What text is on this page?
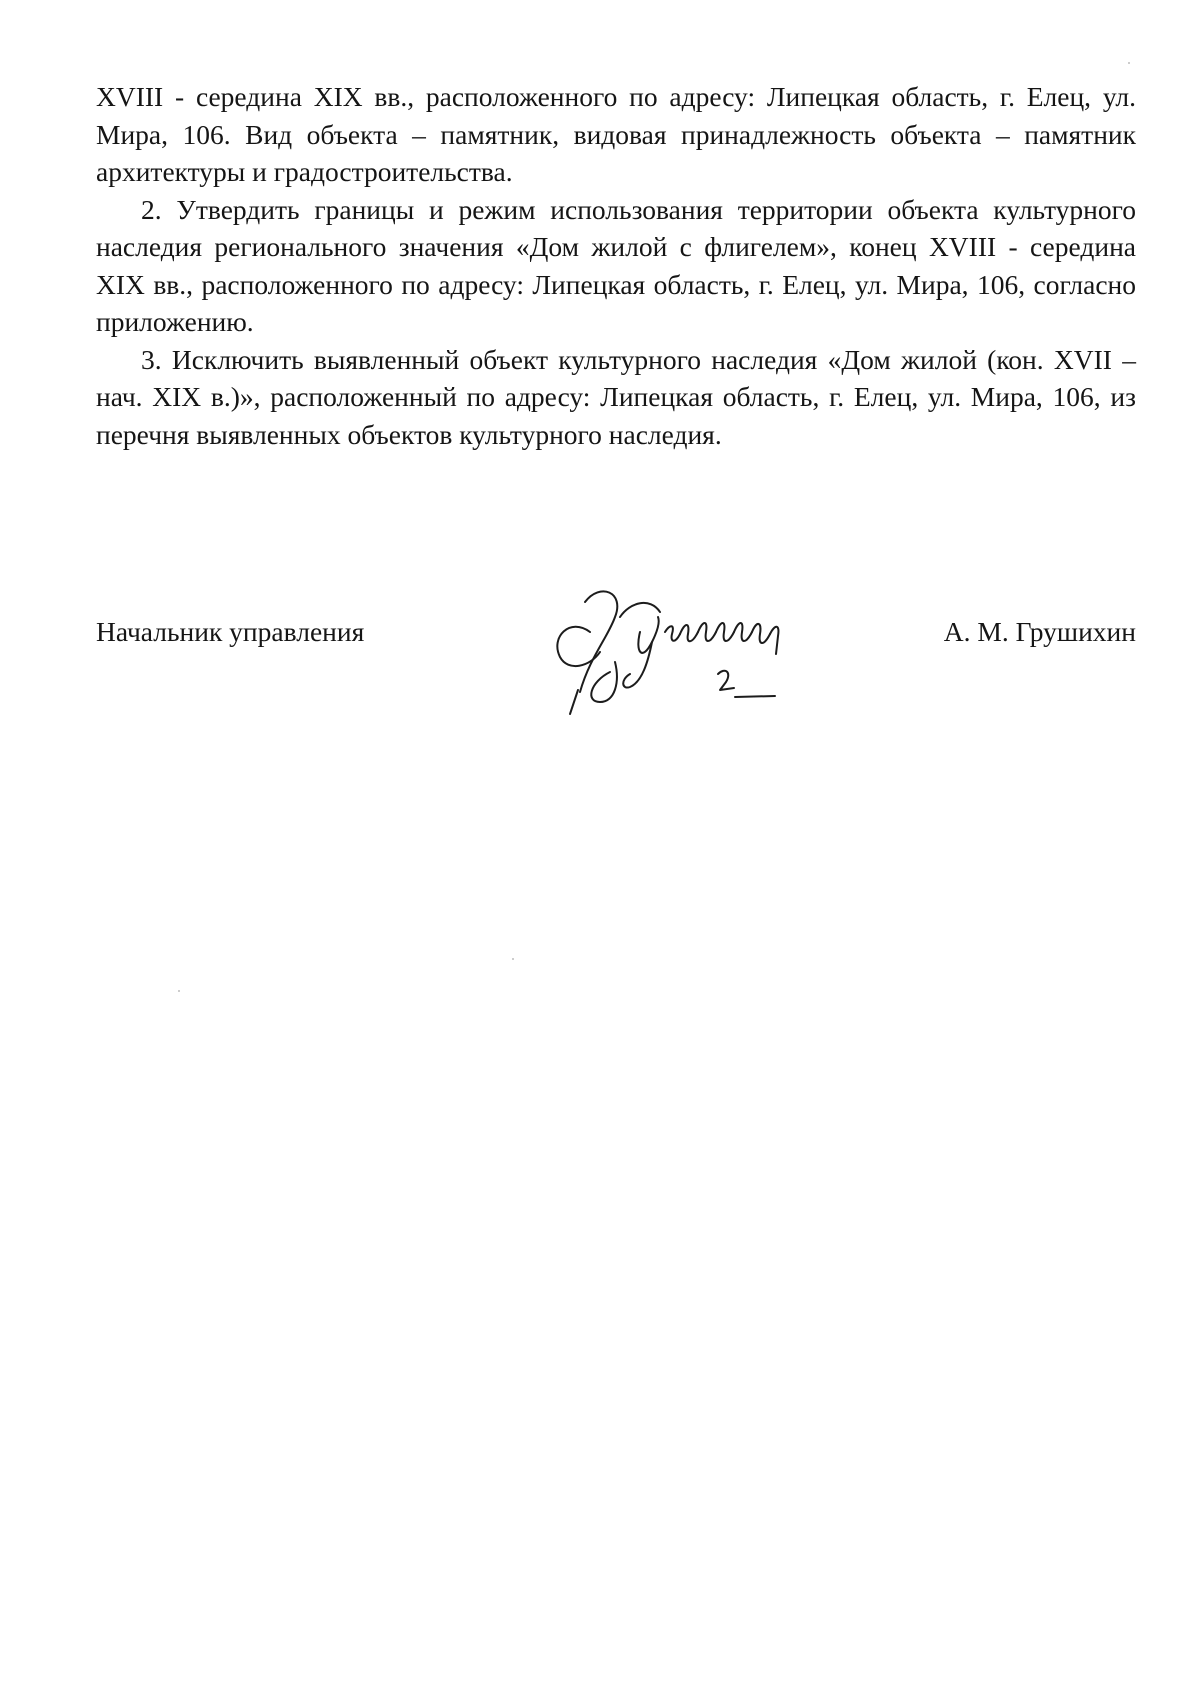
XVIII - середина XIX вв., расположенного по адресу: Липецкая область, г. Елец, ул. Мира, 106. Вид объекта – памятник, видовая принадлежность объекта – памятник архитектуры и градостроительства.

2. Утвердить границы и режим использования территории объекта культурного наследия регионального значения «Дом жилой с флигелем», конец XVIII - середина XIX вв., расположенного по адресу: Липецкая область, г. Елец, ул. Мира, 106, согласно приложению.

3. Исключить выявленный объект культурного наследия «Дом жилой (кон. XVII – нач. XIX в.)», расположенный по адресу: Липецкая область, г. Елец, ул. Мира, 106, из перечня выявленных объектов культурного наследия.

Начальник управления	А. М. Грушихин
